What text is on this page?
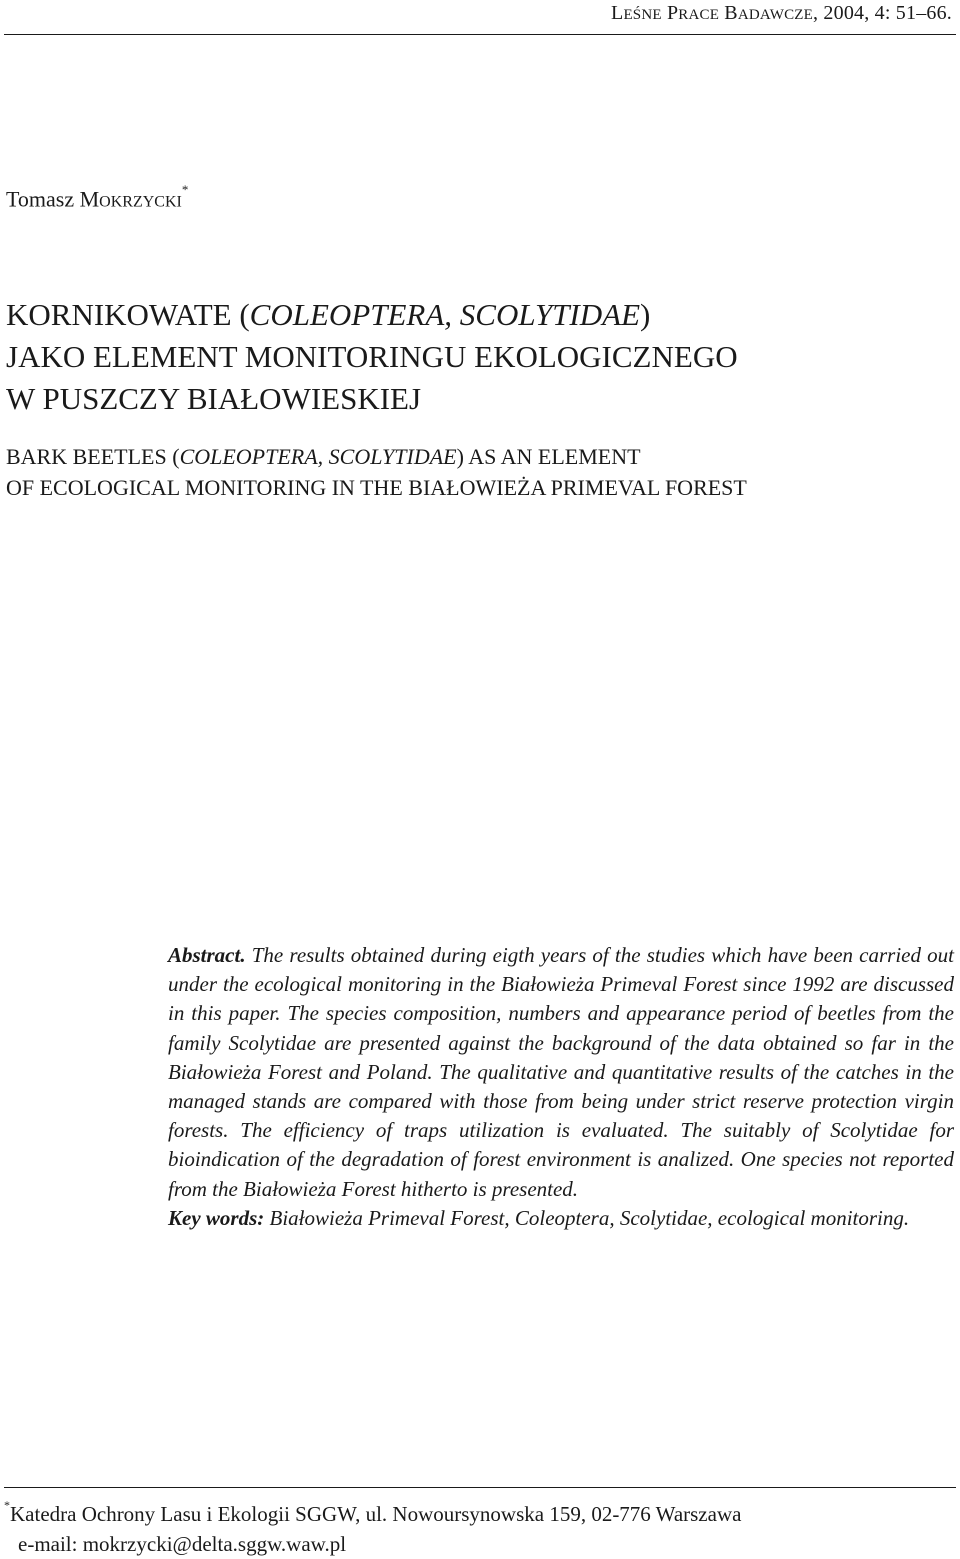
LEŚNE PRACE BADAWCZE, 2004, 4: 51–66.
Tomasz MOKRZYCKI*
KORNIKOWATE (COLEOPTERA, SCOLYTIDAE)
JAKO ELEMENT MONITORINGU EKOLOGICZNEGO
W PUSZCZY BIAŁOWIESKIEJ
BARK BEETLES (COLEOPTERA, SCOLYTIDAE) AS AN ELEMENT
OF ECOLOGICAL MONITORING IN THE BIAŁOWIEŻA PRIMEVAL FOREST

Abstract. The results obtained during eigth years of the studies which have been carried out under the ecological monitoring in the Białowieża Primeval Forest since 1992 are discussed in this paper. The species composition, numbers and appearance period of beetles from the family Scolytidae are presented against the background of the data obtained so far in the Białowieża Forest and Poland. The qualitative and quantitative results of the catches in the managed stands are compared with those from being under strict reserve protection virgin forests. The efficiency of traps utilization is evaluated. The suitably of Scolytidae for bioindication of the degradation of forest environment is analized. One species not reported from the Białowieża Forest hitherto is presented.
Key words: Białowieża Primeval Forest, Coleoptera, Scolytidae, ecological monitoring.

*Katedra Ochrony Lasu i Ekologii SGGW, ul. Nowoursynowska 159, 02-776 Warszawa
e-mail: mokrzycki@delta.sggw.waw.pl
